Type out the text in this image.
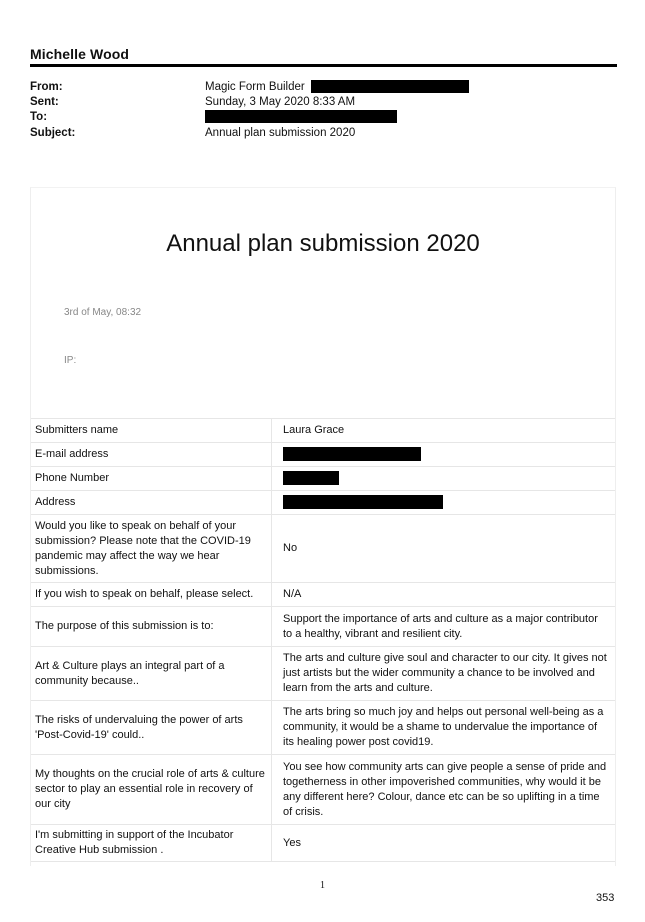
Michelle Wood
From:	Magic Form Builder
Sent:	Sunday, 3 May 2020 8:33 AM
To:
Subject:	Annual plan submission 2020
Annual plan submission 2020
3rd of May, 08:32
IP:
Submitters name		Laura Grace
E-mail address		
Phone Number		
Address		
Would you like to speak on behalf of your submission? Please note that the COVID-19 pandemic may affect the way we hear submissions.		No
If you wish to speak on behalf, please select.		N/A
The purpose of this submission is to:		Support the importance of arts and culture as a major contributor to a healthy, vibrant and resilient city.
Art & Culture plays an integral part of a community because..		The arts and culture give soul and character to our city. It gives not just artists but the wider community a chance to be involved and learn from the arts and culture.
The risks of undervaluing the power of arts 'Post-Covid-19' could..		The arts bring so much joy and helps out personal well-being as a community, it would be a shame to undervalue the importance of its healing power post covid19.
My thoughts on the crucial role of arts & culture sector to play an essential role in recovery of our city		You see how community arts can give people a sense of pride and togetherness in other impoverished communities, why would it be any different here? Colour, dance etc can be so uplifting in a time of crisis.
I'm submitting in support of the Incubator Creative Hub submission .		Yes
1
353
